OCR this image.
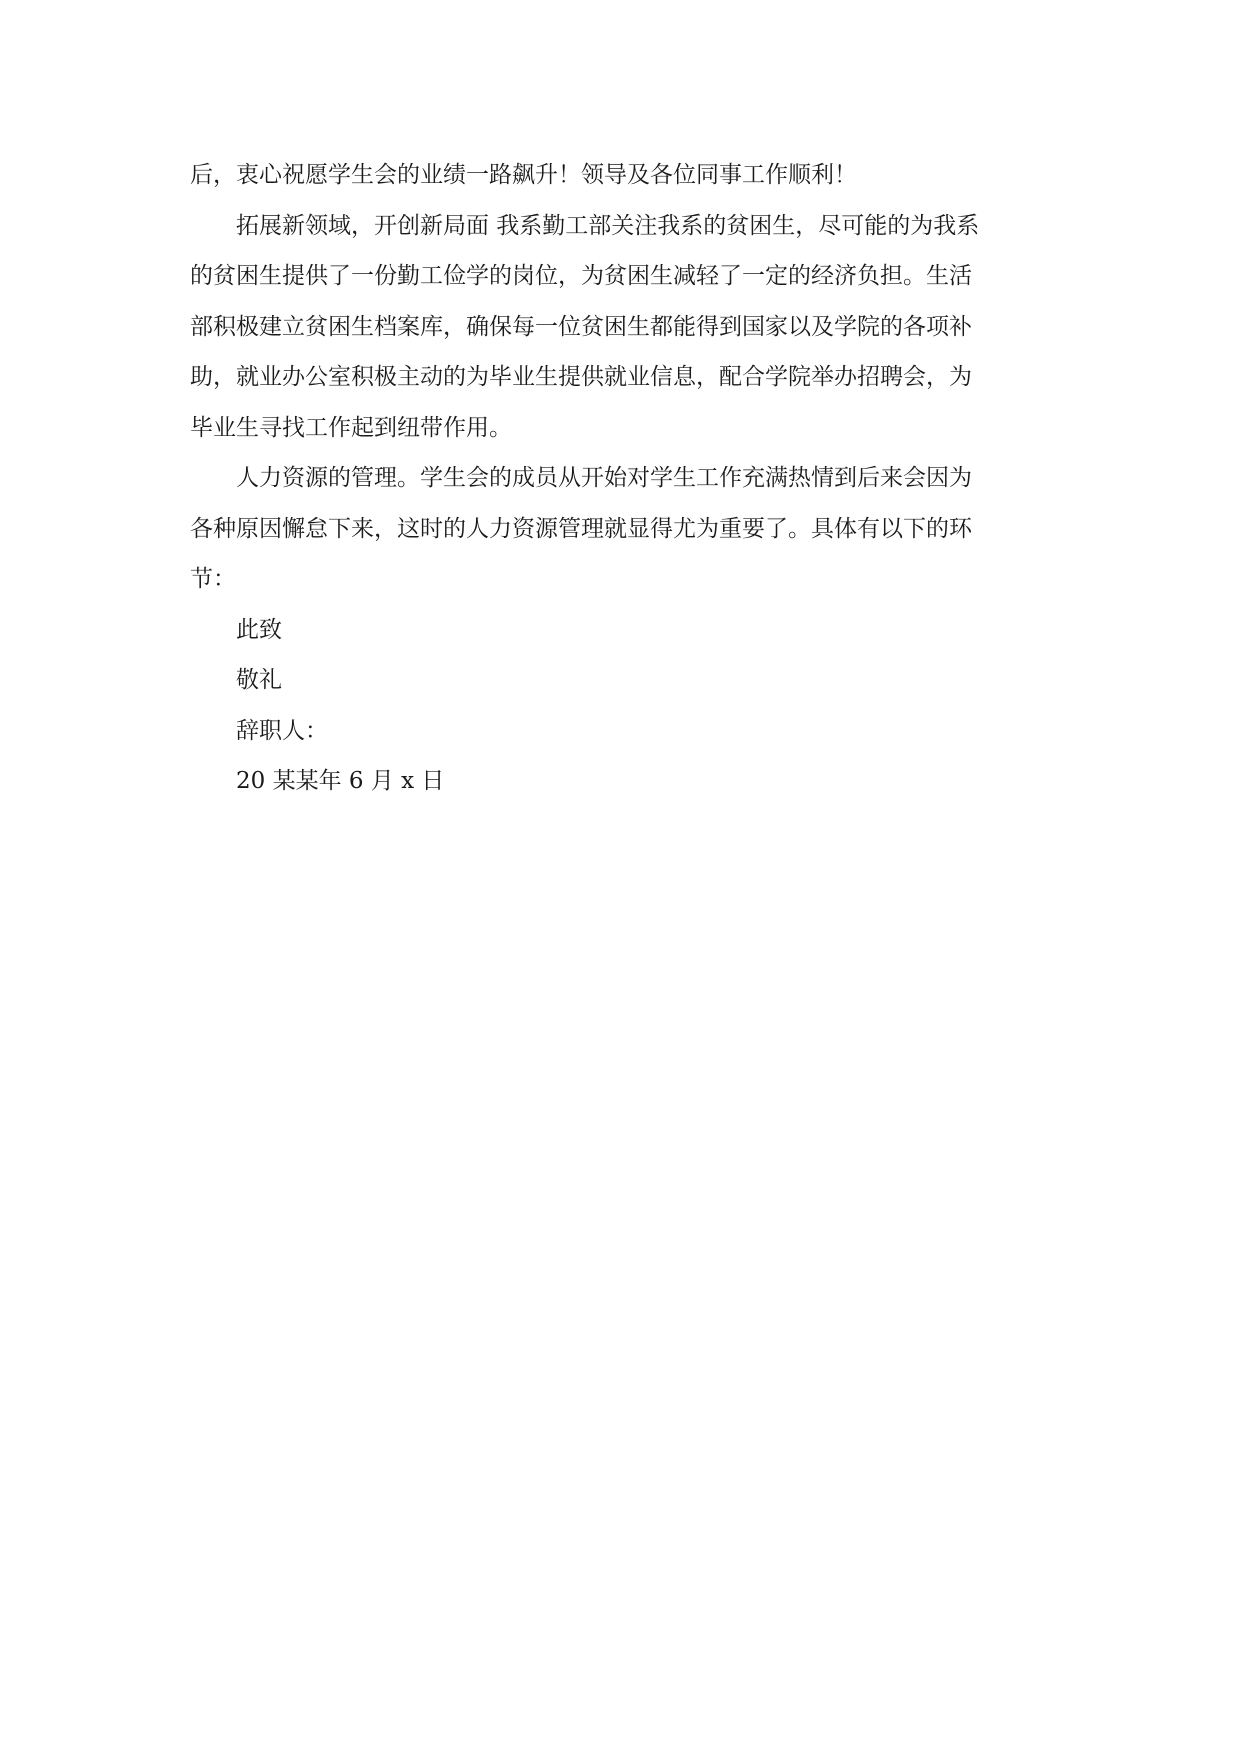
后，衷心祝愿学生会的业绩一路飙升！领导及各位同事工作顺利！

拓展新领域，开创新局面 我系勤工部关注我系的贫困生，尽可能的为我系
的贫困生提供了一份勤工俭学的岗位，为贫困生减轻了一定的经济负担。生活
部积极建立贫困生档案库，确保每一位贫困生都能得到国家以及学院的各项补
助，就业办公室积极主动的为毕业生提供就业信息，配合学院举办招聘会，为
毕业生寻找工作起到纽带作用。

人力资源的管理。学生会的成员从开始对学生工作充满热情到后来会因为
各种原因懈怠下来，这时的人力资源管理就显得尤为重要了。具体有以下的环
节：

此致

敬礼

辞职人：

20 某某年 6 月 x 日
